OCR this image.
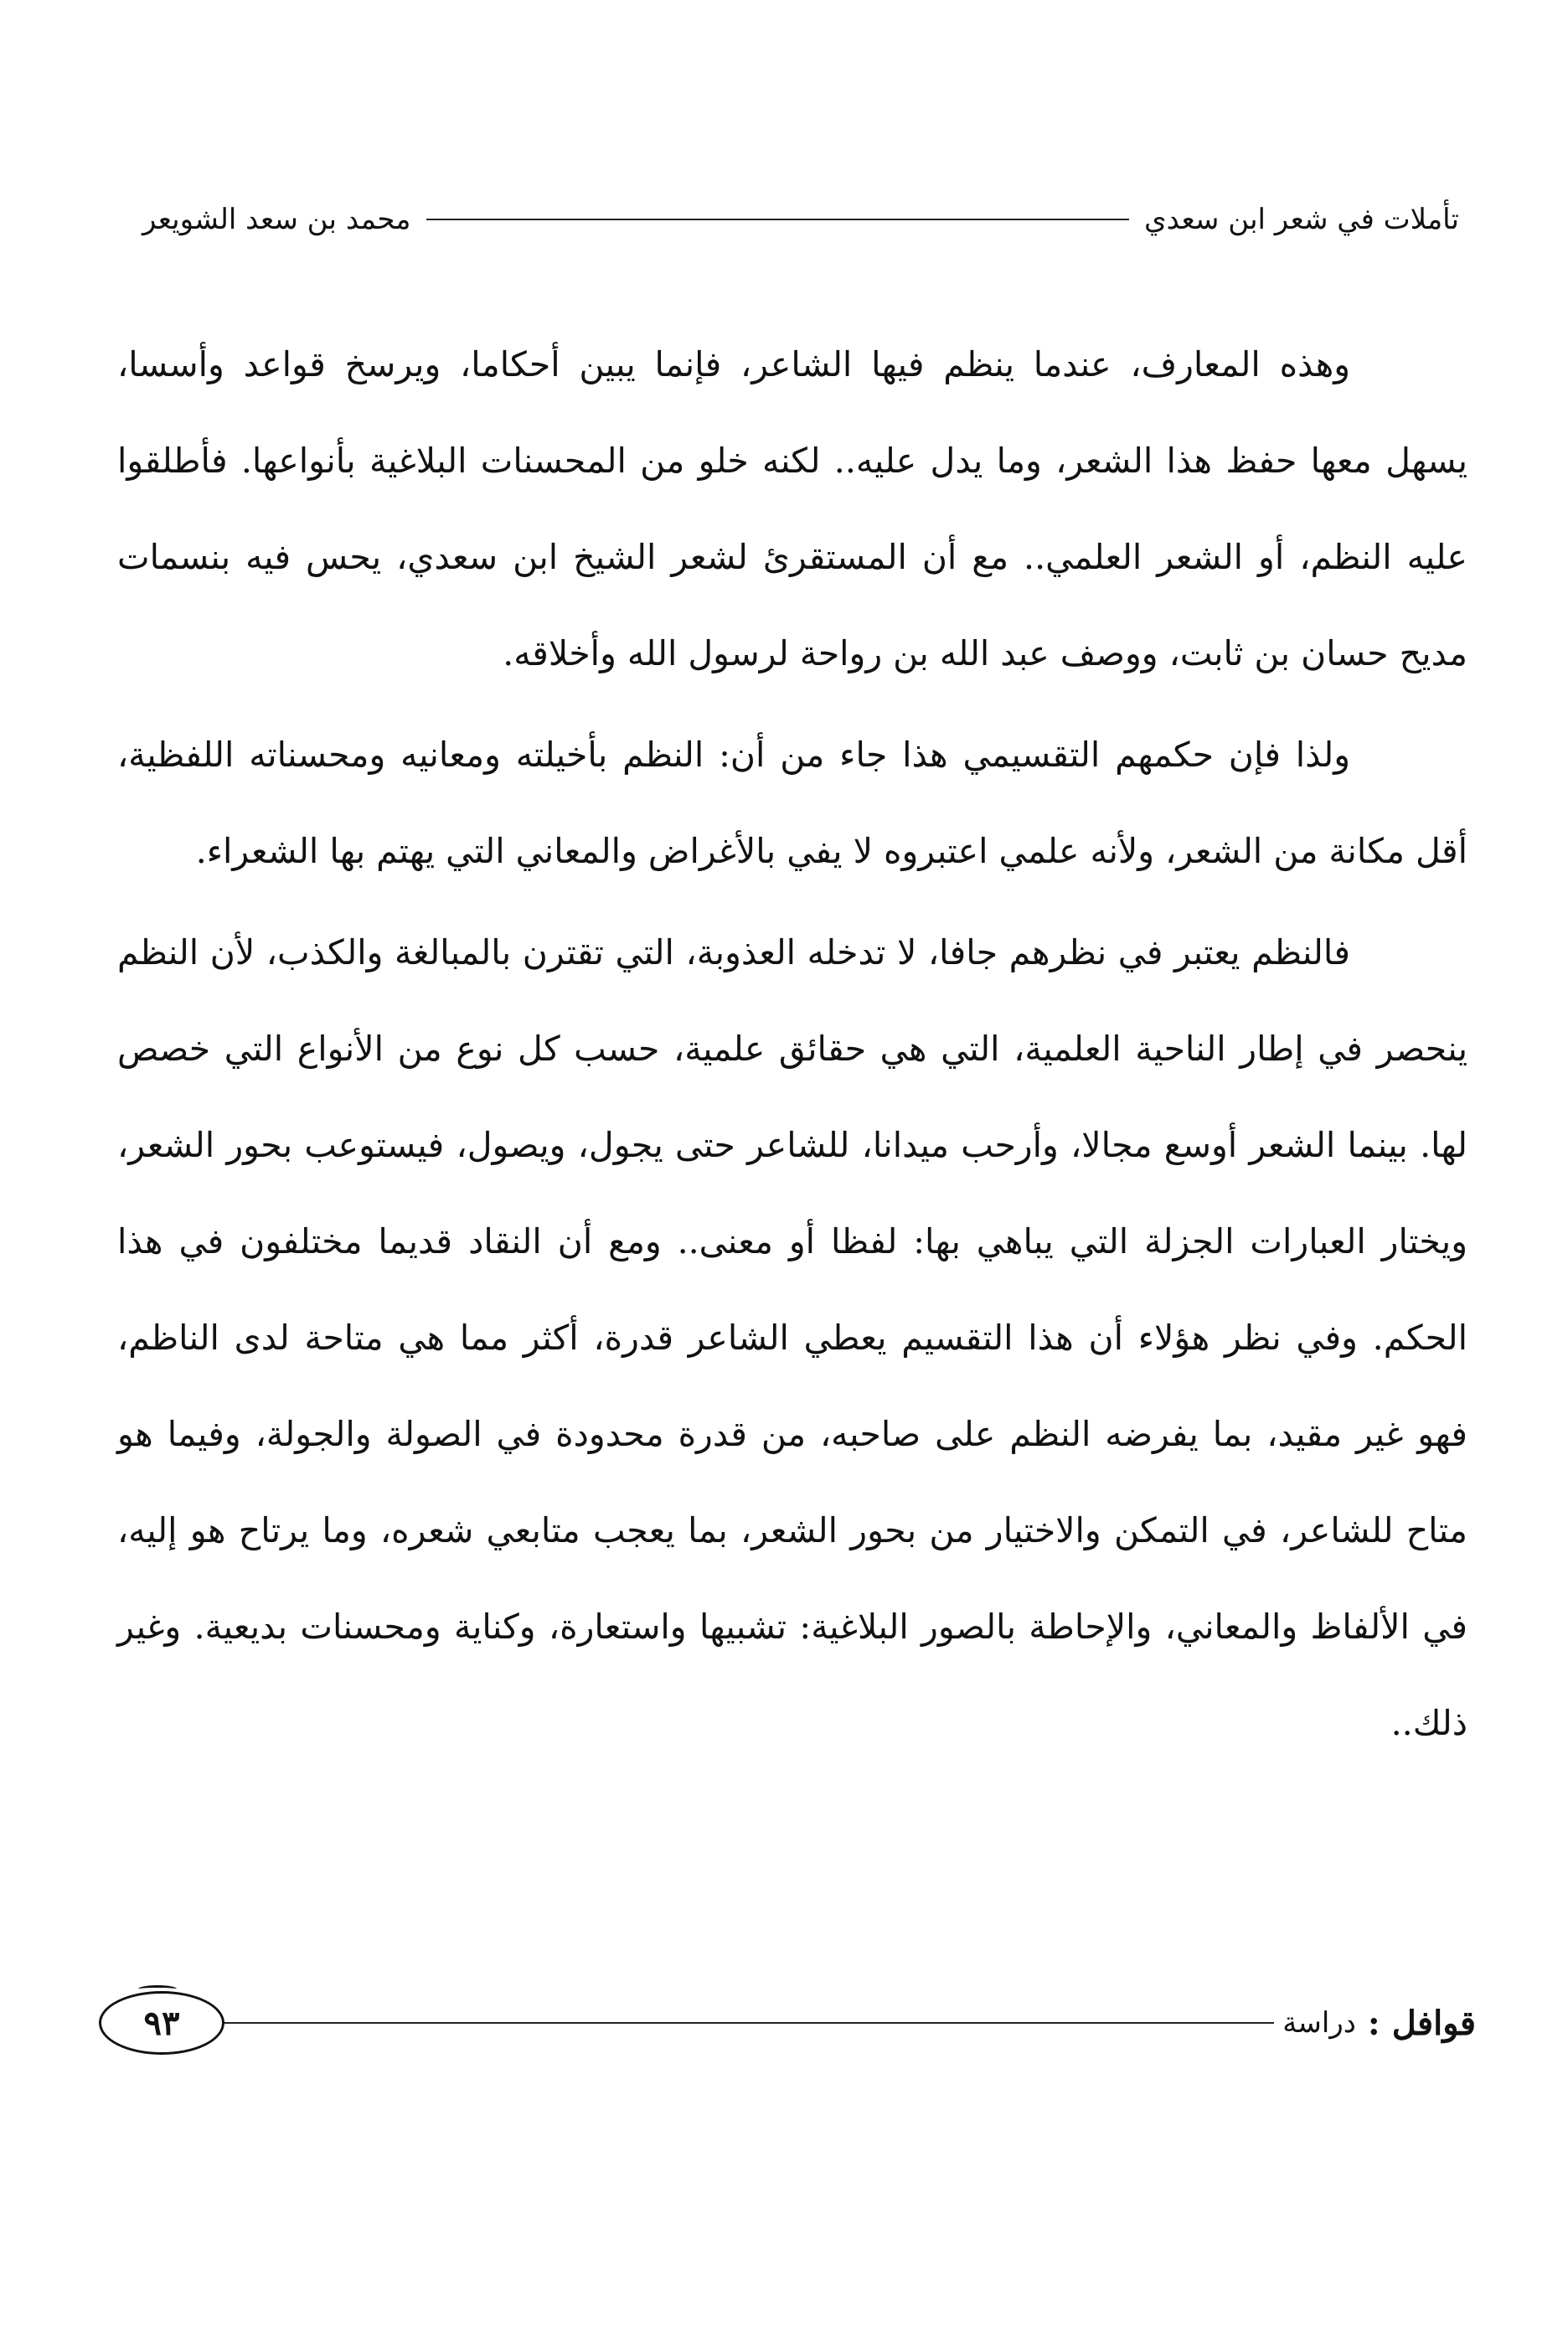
تأملات في شعر ابن سعدي
محمد بن سعد الشويعر

وهذه المعارف، عندما ينظم فيها الشاعر، فإنما يبين أحكاما، ويرسخ قواعد وأسسا، يسهل معها حفظ هذا الشعر، وما يدل عليه.. لكنه خلو من المحسنات البلاغية بأنواعها. فأطلقوا عليه النظم، أو الشعر العلمي.. مع أن المستقرئ لشعر الشيخ ابن سعدي، يحس فيه بنسمات مديح حسان بن ثابت، ووصف عبد الله بن رواحة لرسول الله وأخلاقه.

ولذا فإن حكمهم التقسيمي هذا جاء من أن: النظم بأخيلته ومعانيه ومحسناته اللفظية، أقل مكانة من الشعر، ولأنه علمي اعتبروه لا يفي بالأغراض والمعاني التي يهتم بها الشعراء.

فالنظم يعتبر في نظرهم جافا، لا تدخله العذوبة، التي تقترن بالمبالغة والكذب، لأن النظم ينحصر في إطار الناحية العلمية، التي هي حقائق علمية، حسب كل نوع من الأنواع التي خصص لها. بينما الشعر أوسع مجالا، وأرحب ميدانا، للشاعر حتى يجول، ويصول، فيستوعب بحور الشعر، ويختار العبارات الجزلة التي يباهي بها: لفظا أو معنى.. ومع أن النقاد قديما مختلفون في هذا الحكم. وفي نظر هؤلاء أن هذا التقسيم يعطي الشاعر قدرة، أكثر مما هي متاحة لدى الناظم، فهو غير مقيد، بما يفرضه النظم على صاحبه، من قدرة محدودة في الصولة والجولة، وفيما هو متاح للشاعر، في التمكن والاختيار من بحور الشعر، بما يعجب متابعي شعره، وما يرتاح هو إليه، في الألفاظ والمعاني، والإحاطة بالصور البلاغية: تشبيها واستعارة، وكناية ومحسنات بديعية. وغير ذلك..

قوافل
:
دراسة
٩٣
